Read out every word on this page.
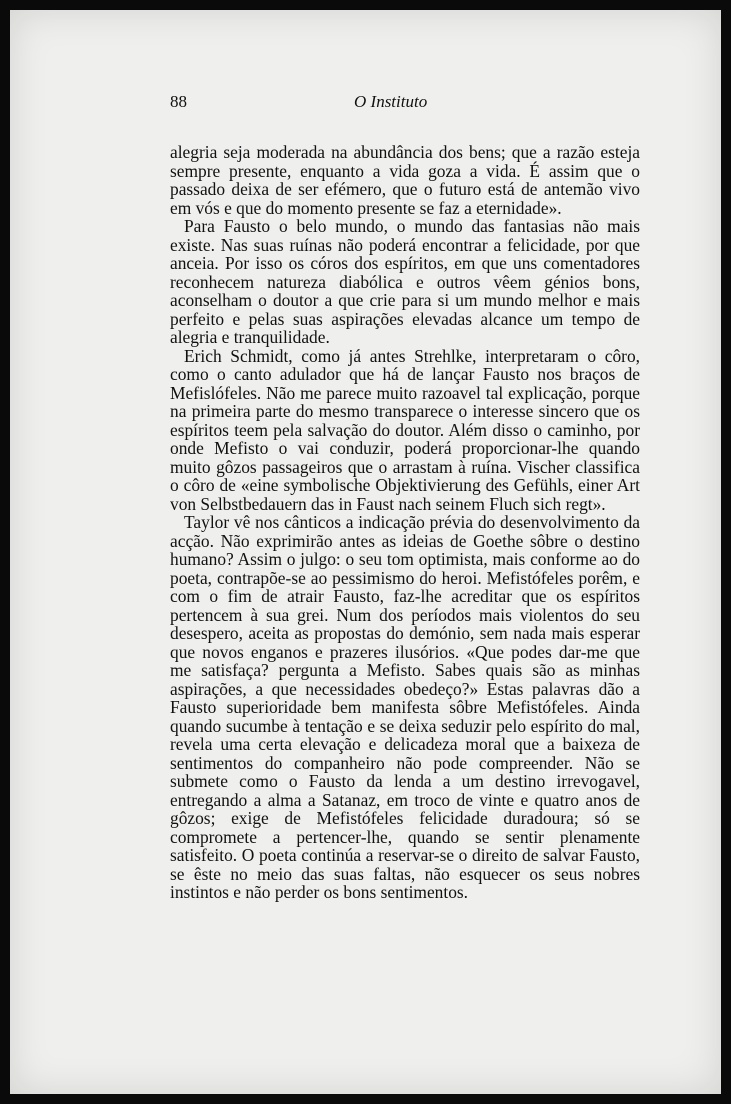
88	O Instituto

alegria seja moderada na abundância dos bens; que a razão esteja sempre presente, enquanto a vida goza a vida. É assim que o passado deixa de ser efémero, que o futuro está de antemão vivo em vós e que do momento presente se faz a eternidade».

Para Fausto o belo mundo, o mundo das fantasias não mais existe. Nas suas ruínas não poderá encontrar a felicidade, por que anceia. Por isso os córos dos espíritos, em que uns comentadores reconhecem natureza diabólica e outros vêem génios bons, aconselham o doutor a que crie para si um mundo melhor e mais perfeito e pelas suas aspirações elevadas alcance um tempo de alegria e tranquilidade.

Erich Schmidt, como já antes Strehlke, interpretaram o côro, como o canto adulador que há de lançar Fausto nos braços de Mefislófeles. Não me parece muito razoavel tal explicação, porque na primeira parte do mesmo transparece o interesse sincero que os espíritos teem pela salvação do doutor. Além disso o caminho, por onde Mefisto o vai conduzir, poderá proporcionar-lhe quando muito gôzos passageiros que o arrastam à ruína. Vischer classifica o côro de «eine symbolische Objektivierung des Gefühls, einer Art von Selbstbedauern das in Faust nach seinem Fluch sich regt».

Taylor vê nos cânticos a indicação prévia do desenvolvimento da acção. Não exprimirão antes as ideias de Goethe sôbre o destino humano? Assim o julgo: o seu tom optimista, mais conforme ao do poeta, contrapõe-se ao pessimismo do heroi. Mefistófeles porêm, e com o fim de atrair Fausto, faz-lhe acreditar que os espíritos pertencem à sua grei. Num dos períodos mais violentos do seu desespero, aceita as propostas do demónio, sem nada mais esperar que novos enganos e prazeres ilusórios. «Que podes dar-me que me satisfaça? pergunta a Mefisto. Sabes quais são as minhas aspirações, a que necessidades obedeço?» Estas palavras dão a Fausto superioridade bem manifesta sôbre Mefistófeles. Ainda quando sucumbe à tentação e se deixa seduzir pelo espírito do mal, revela uma certa elevação e delicadeza moral que a baixeza de sentimentos do companheiro não pode compreender. Não se submete como o Fausto da lenda a um destino irrevogavel, entregando a alma a Satanaz, em troco de vinte e quatro anos de gôzos; exige de Mefistófeles felicidade duradoura; só se compromete a pertencer-lhe, quando se sentir plenamente satisfeito. O poeta continúa a reservar-se o direito de salvar Fausto, se êste no meio das suas faltas, não esquecer os seus nobres instintos e não perder os bons sentimentos.
